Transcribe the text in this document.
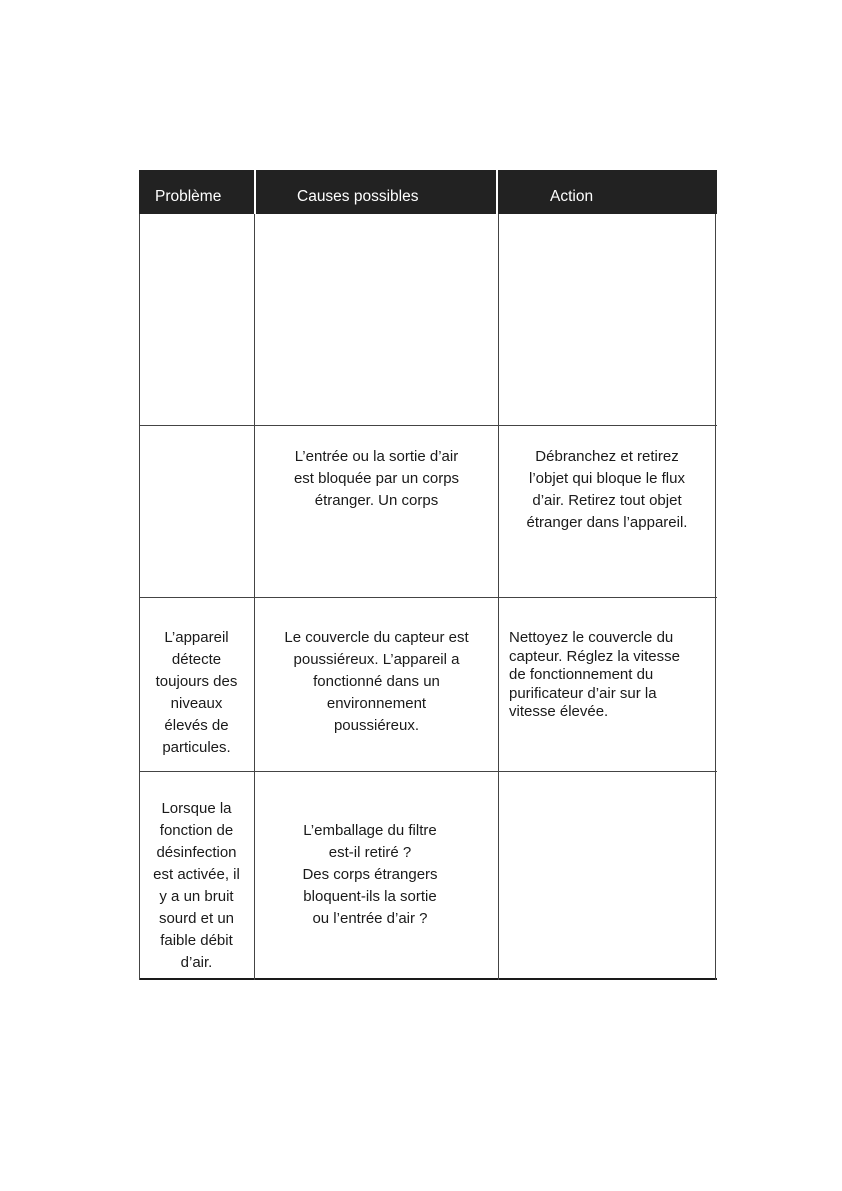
Problème	Causes possibles	Action
L’entrée ou la sortie d’air
est bloquée par un corps
étranger. Un corps
Débranchez et retirez
l’objet qui bloque le flux
d’air. Retirez tout objet
étranger dans l’appareil.
L’appareil
détecte
toujours des
niveaux
élevés de
particules.
Le couvercle du capteur est
poussiéreux. L’appareil a
fonctionné dans un
environnement
poussiéreux.
Nettoyez le couvercle du
capteur. Réglez la vitesse
de fonctionnement du
purificateur d’air sur la
vitesse élevée.
Lorsque la
fonction de
désinfection
est activée, il
y a un bruit
sourd et un
faible débit
d’air.
L’emballage du filtre
est-il retiré ?
Des corps étrangers
bloquent-ils la sortie
ou l’entrée d’air ?
